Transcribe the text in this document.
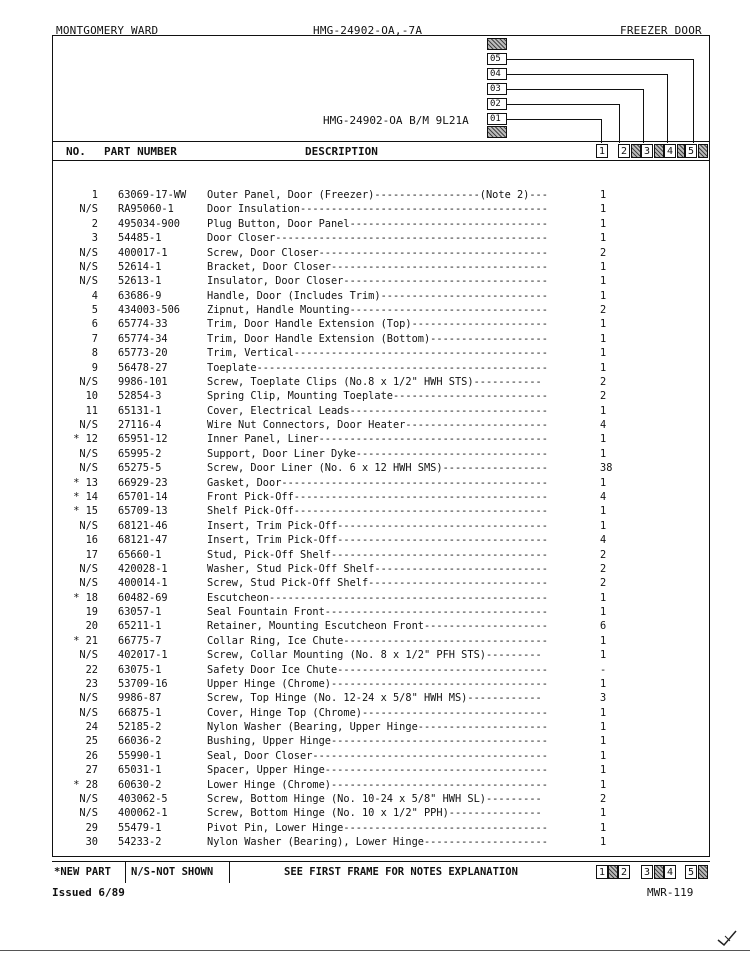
MONTGOMERY WARD	HMG-24902-OA,-7A	FREEZER DOOR
05
04
03
02
01
HMG-24902-OA B/M 9L21A
NO. PART NUMBER	DESCRIPTION	1 2 3 4 5
1 63069-17-WW Outer Panel, Door (Freezer)-----------------(Note 2)---	1
N/S RA95060-1	Door Insulation----------------------------------------	1
2 495034-900	Plug Button, Door Panel--------------------------------	1
3 54485-1	Door Closer--------------------------------------------	1
N/S 400017-1	Screw, Door Closer-------------------------------------	2
N/S 52614-1	Bracket, Door Closer-----------------------------------	1
N/S 52613-1	Insulator, Door Closer---------------------------------	1
4 63686-9	Handle, Door (Includes Trim)---------------------------	1
5 434003-506	Zipnut, Handle Mounting--------------------------------	2
6 65774-33	Trim, Door Handle Extension (Top)----------------------	1
7 65774-34	Trim, Door Handle Extension (Bottom)-------------------	1
8 65773-20	Trim, Vertical-----------------------------------------	1
9 56478-27	Toeplate-----------------------------------------------	1
N/S 9986-101	Screw, Toeplate Clips (No.8 x 1/2" HWH STS)-----------	2
10 52854-3	Spring Clip, Mounting Toeplate-------------------------	2
11 65131-1	Cover, Electrical Leads--------------------------------	1
N/S 27116-4	Wire Nut Connectors, Door Heater-----------------------	4
* 12 65951-12	Inner Panel, Liner-------------------------------------	1
N/S 65995-2	Support, Door Liner Dyke-------------------------------	1
N/S 65275-5	Screw, Door Liner (No. 6 x 12 HWH SMS)-----------------	38
* 13 66929-23	Gasket, Door-------------------------------------------	1
* 14 65701-14	Front Pick-Off-----------------------------------------	4
* 15 65709-13	Shelf Pick-Off-----------------------------------------	1
N/S 68121-46	Insert, Trim Pick-Off----------------------------------	1
16 68121-47	Insert, Trim Pick-Off----------------------------------	4
17 65660-1	Stud, Pick-Off Shelf-----------------------------------	2
N/S 420028-1	Washer, Stud Pick-Off Shelf----------------------------	2
N/S 400014-1	Screw, Stud Pick-Off Shelf-----------------------------	2
* 18 60482-69	Escutcheon---------------------------------------------	1
19 63057-1	Seal Fountain Front------------------------------------	1
20 65211-1	Retainer, Mounting Escutcheon Front--------------------	6
* 21 66775-7	Collar Ring, Ice Chute---------------------------------	1
N/S 402017-1	Screw, Collar Mounting (No. 8 x 1/2" PFH STS)---------	1
22 63075-1	Safety Door Ice Chute----------------------------------	-
23 53709-16	Upper Hinge (Chrome)-----------------------------------	1
N/S 9986-87	Screw, Top Hinge (No. 12-24 x 5/8" HWH MS)------------	3
N/S 66875-1	Cover, Hinge Top (Chrome)------------------------------	1
24 52185-2	Nylon Washer (Bearing, Upper Hinge---------------------	1
25 66036-2	Bushing, Upper Hinge-----------------------------------	1
26 55990-1	Seal, Door Closer--------------------------------------	1
27 65031-1	Spacer, Upper Hinge------------------------------------	1
* 28 60630-2	Lower Hinge (Chrome)-----------------------------------	1
N/S 403062-5	Screw, Bottom Hinge (No. 10-24 x 5/8" HWH SL)---------	2
N/S 400062-1	Screw, Bottom Hinge (No. 10 x 1/2" PPH)---------------	1
29 55479-1	Pivot Pin, Lower Hinge---------------------------------	1
30 54233-2	Nylon Washer (Bearing), Lower Hinge--------------------	1
*NEW PART N/S-NOT SHOWN	SEE FIRST FRAME FOR NOTES EXPLANATION	1 2 3 4 5
Issued 6/89	MWR-119
